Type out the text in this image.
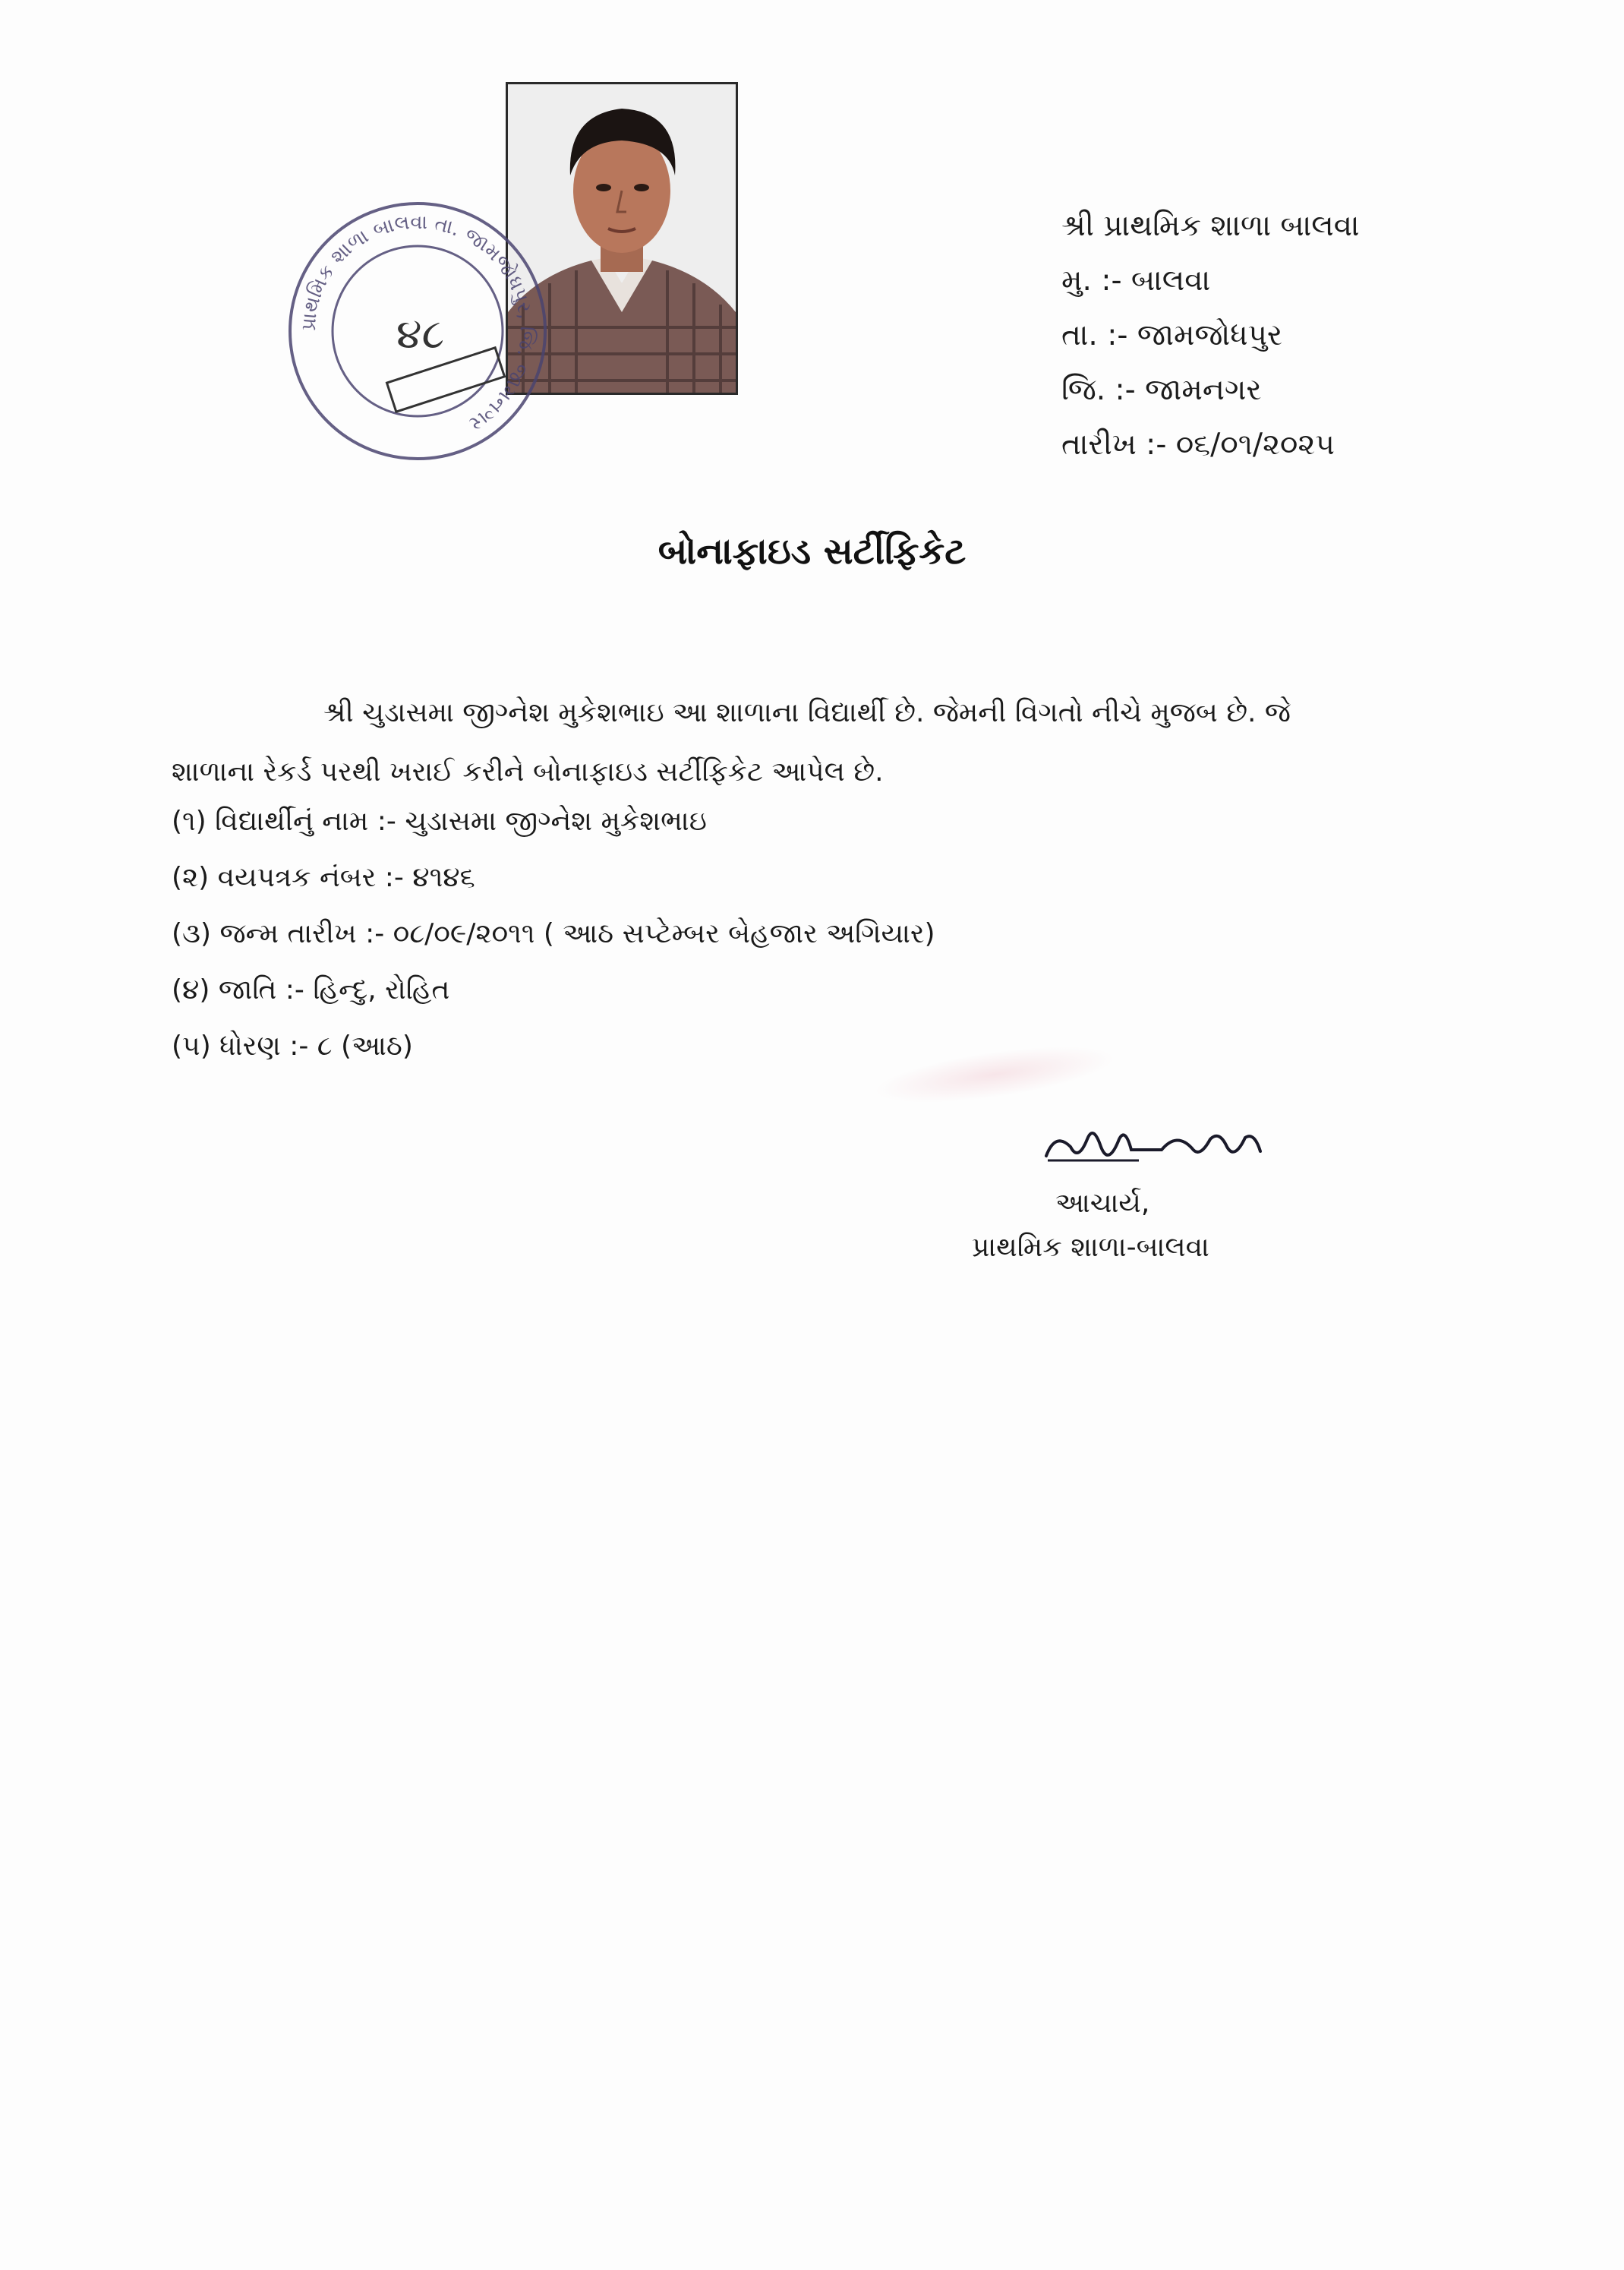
પ્રાથમિક શાળા બાલવા તા. જામજોધપુર, જિ. જામનગર
૪૮
શ્રી પ્રાથમિક શાળા બાલવા
મુ. :- બાલવા
તા. :- જામજોધપુર
જિ. :- જામનગર
તારીખ :- ૦૬/૦૧/૨૦૨૫
બોનાફાઇડ સર્ટીફિકેટ
શ્રી ચુડાસમા જીગ્નેશ મુકેશભાઇ આ શાળાના વિદ્યાર્થી છે. જેમની વિગતો નીચે મુજબ છે. જે
શાળાના રેકર્ડ પરથી ખરાઈ કરીને બોનાફાઇડ સર્ટીફિકેટ આપેલ છે.
(૧) વિદ્યાર્થીનું નામ :- ચુડાસમા જીગ્નેશ મુકેશભાઇ
(૨) વયપત્રક નંબર :- ૪૧૪૬
(૩) જન્મ તારીખ :- ૦૮/૦૯/૨૦૧૧ ( આઠ સપ્ટેમ્બર બેહજાર અગિયાર)
(૪) જાતિ :- હિન્દુ, રોહિત
(૫) ધોરણ :- ૮ (આઠ)
આચાર્ય,
પ્રાથમિક શાળા-બાલવા
